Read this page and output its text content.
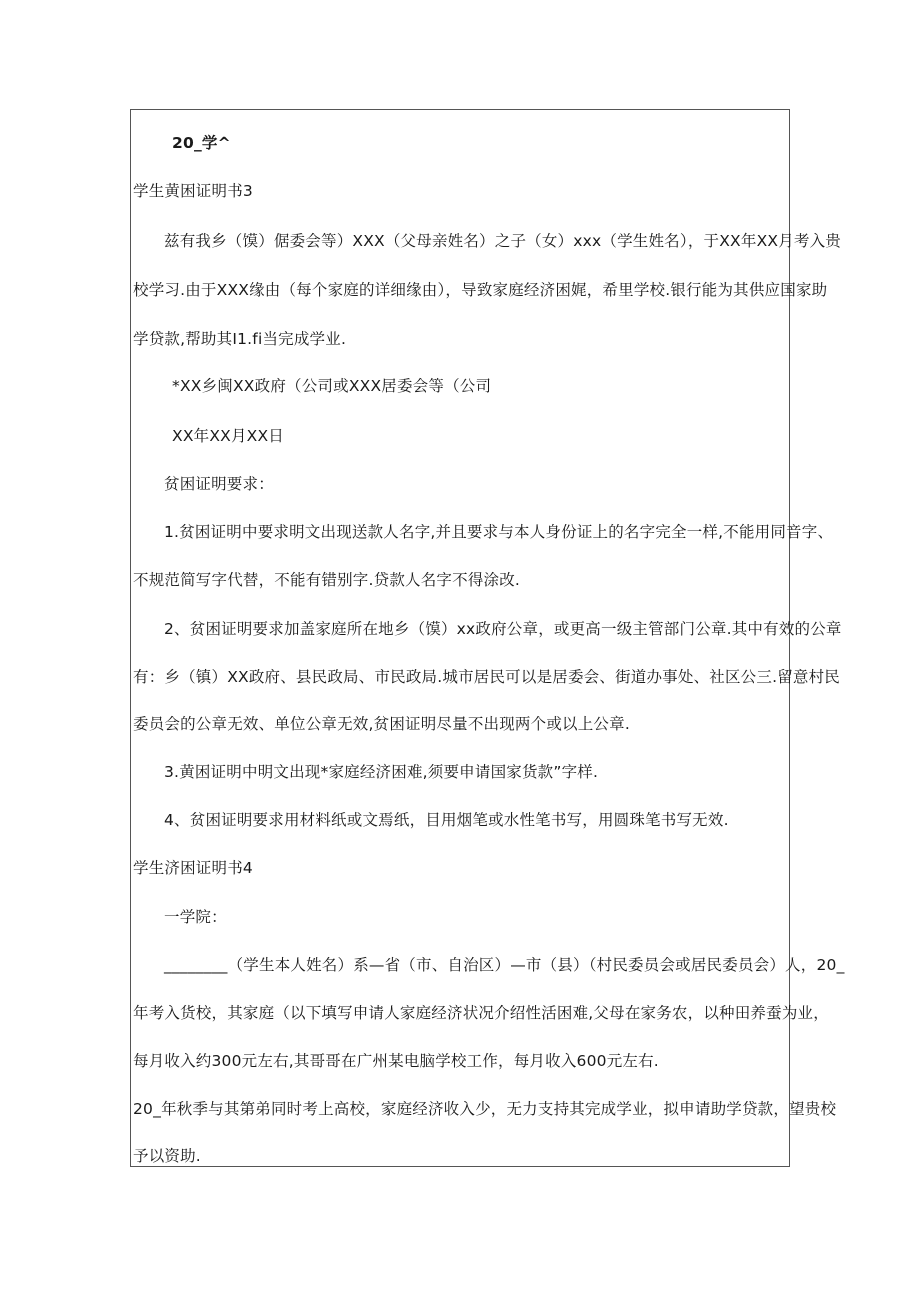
20_学^
学生黄困证明书3
兹有我乡（馍）倨委会等）XXX（父母亲姓名）之子（女）xxx（学生姓名），于XX年XX月考入贵
校学习.由于XXX缘由（每个家庭的详细缘由），导致家庭经济困娓，希里学校.银行能为其供应国家助
学贷款,帮助其I1.fi当完成学业.
*XX乡闽XX政府（公司或XXX居委会等（公司
XX年XX月XX日
贫困证明要求：
1.贫困证明中要求明文出现送款人名字,并且要求与本人身份证上的名字完全一样,不能用同音字、
不规范简写字代替，不能有错别字.贷款人名字不得涂改.
2、贫困证明要求加盖家庭所在地乡（馍）xx政府公章，或更高一级主管部门公章.其中有效的公章
有：乡（镇）XX政府、县民政局、市民政局.城市居民可以是居委会、街道办事处、社区公三.留意村民
委员会的公章无效、单位公章无效,贫困证明尽量不出现两个或以上公章.
3.黄困证明中明文出现*家庭经济困难,须要申请国家货款”字样.
4、贫困证明要求用材料纸或文焉纸，目用烟笔或水性笔书写，用圆珠笔书写无效.
学生济困证明书4
一学院：
________（学生本人姓名）系—省（市、自治区）—市（县）（村民委员会或居民委员会）人，20_
年考入货校，其家庭（以下填写申请人家庭经济状况介绍性活困难,父母在家务农，以种田养蚕为业，
每月收入约300元左右,其哥哥在广州某电脑学校工作，每月收入600元左右.
20_年秋季与其第弟同时考上高校，家庭经济收入少，无力支持其完成学业，拟申请助学贷款，望贵校
予以资助.
